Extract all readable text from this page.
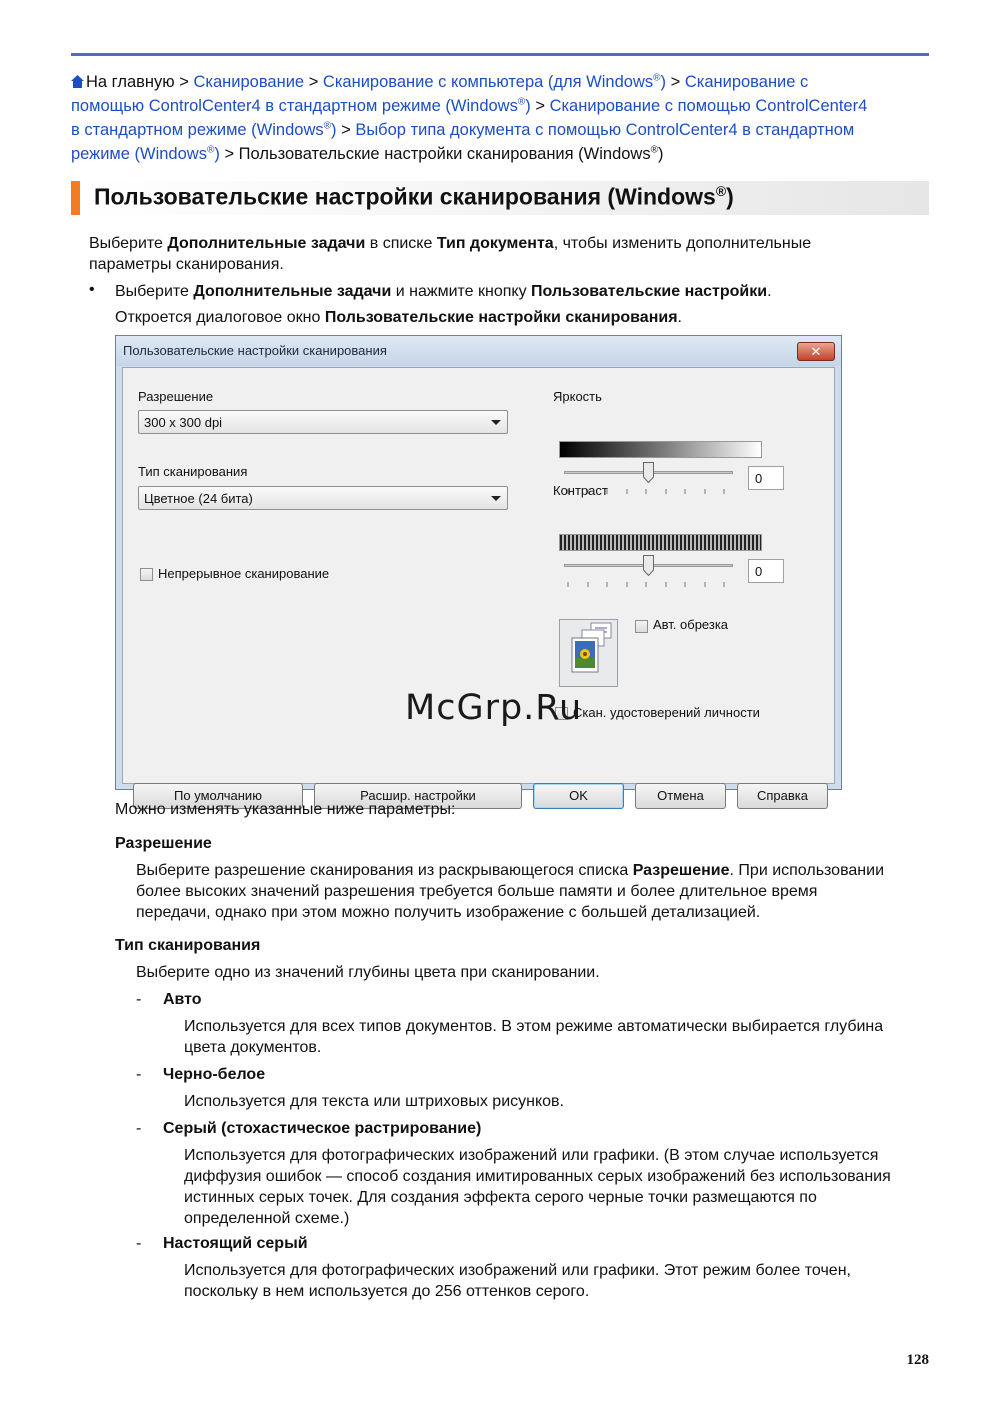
На главную > Сканирование > Сканирование с компьютера (для Windows®) > Сканирование с
помощью ControlCenter4 в стандартном режиме (Windows®) > Сканирование с помощью ControlCenter4
в стандартном режиме (Windows®) > Выбор типа документа с помощью ControlCenter4 в стандартном
режиме (Windows®) > Пользовательские настройки сканирования (Windows®)
Пользовательские настройки сканирования (Windows®)
Выберите Дополнительные задачи в списке Тип документа, чтобы изменить дополнительные
параметры сканирования.
• Выберите Дополнительные задачи и нажмите кнопку Пользовательские настройки.
Откроется диалоговое окно Пользовательские настройки сканирования.
Пользовательские настройки сканирования	✕
Разрешение
300 x 300 dpi
Тип сканирования
Цветное (24 бита)
Непрерывное сканирование
Яркость
0
Контраст
0
Авт. обрезка
Скан. удостоверений личности
По умолчанию	Расшир. настройки	OK	Отмена	Справка
McGrp.Ru
Можно изменять указанные ниже параметры:
Разрешение
Выберите разрешение сканирования из раскрывающегося списка Разрешение. При использовании
более высоких значений разрешения требуется больше памяти и более длительное время
передачи, однако при этом можно получить изображение с большей детализацией.
Тип сканирования
Выберите одно из значений глубины цвета при сканировании.
- Авто
Используется для всех типов документов. В этом режиме автоматически выбирается глубина
цвета документов.
- Черно-белое
Используется для текста или штриховых рисунков.
- Серый (стохастическое растрирование)
Используется для фотографических изображений или графики. (В этом случае используется
диффузия ошибок — способ создания имитированных серых изображений без использования
истинных серых точек. Для создания эффекта серого черные точки размещаются по
определенной схеме.)
- Настоящий серый
Используется для фотографических изображений или графики. Этот режим более точен,
поскольку в нем используется до 256 оттенков серого.
128
